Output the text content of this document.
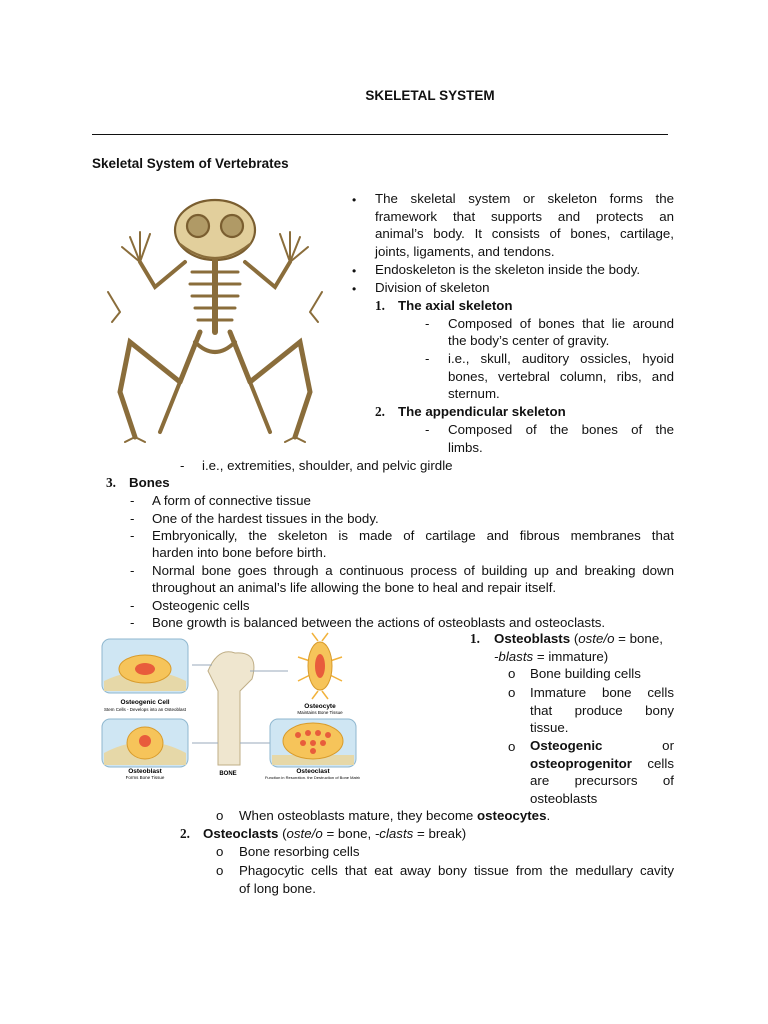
SKELETAL SYSTEM
Skeletal System of Vertebrates
• The skeletal system or skeleton forms the
framework that supports and protects an
animal’s body. It consists of bones, cartilage,
joints, ligaments, and tendons.
• Endoskeleton is the skeleton inside the body.
• Division of skeleton
1. The axial skeleton
- Composed of bones that lie around
the body’s center of gravity.
- i.e., skull, auditory ossicles, hyoid
bones, vertebral column, ribs, and
sternum.
2. The appendicular skeleton
- Composed of the bones of the
limbs.
- i.e., extremities, shoulder, and pelvic girdle
3. Bones
- A form of connective tissue
- One of the hardest tissues in the body.
- Embryonically, the skeleton is made of cartilage and fibrous membranes that
harden into bone before birth.
- Normal bone goes through a continuous process of building up and breaking down
throughout an animal’s life allowing the bone to heal and repair itself.
- Osteogenic cells
- Bone growth is balanced between the actions of osteoblasts and osteoclasts.
Osteogenic Cell
Stem Cells - Develops into an Osteoblast
Osteoblast
Forms Bone Tissue
BONE
Osteocyte
Maintains Bone Tissue
Osteoclast
Function in Resorption, the Destruction of Bone Matrix
1. Osteoblasts (oste/o = bone,
-blasts = immature)
o Bone building cells
o Immature bone cells
that produce bony
tissue.
o Osteogenic	or
osteoprogenitor cells
are precursors of
osteoblasts
o When osteoblasts mature, they become osteocytes.
2. Osteoclasts (oste/o = bone, -clasts = break)
o Bone resorbing cells
o Phagocytic cells that eat away bony tissue from the medullary cavity
of long bone.
